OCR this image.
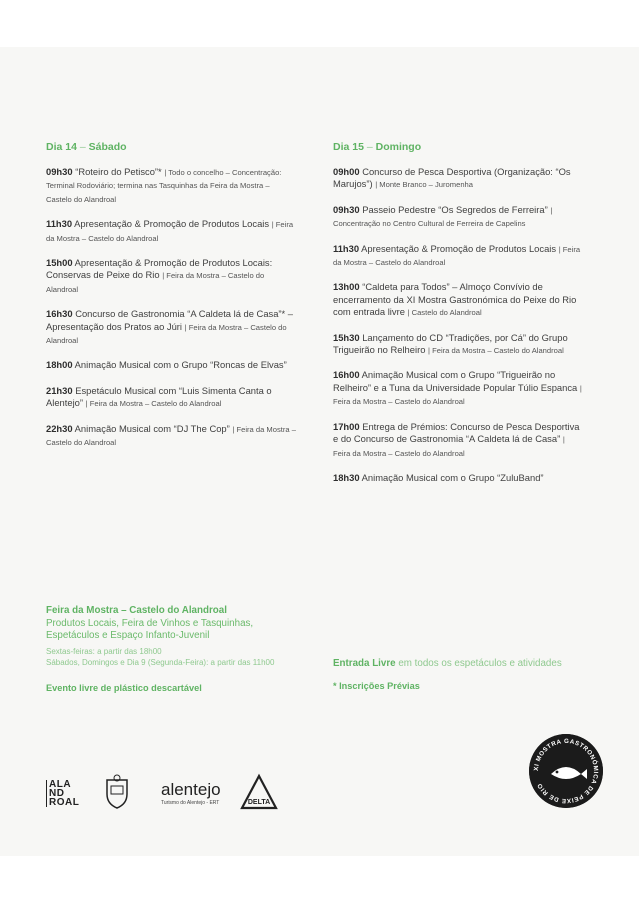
Dia 14 – Sábado
09h30 “Roteiro do Petisco”* | Todo o concelho – Concentração: Terminal Rodoviário; termina nas Tasquinhas da Feira da Mostra – Castelo do Alandroal
11h30 Apresentação & Promoção de Produtos Locais | Feira da Mostra – Castelo do Alandroal
15h00 Apresentação & Promoção de Produtos Locais: Conservas de Peixe do Rio | Feira da Mostra – Castelo do Alandroal
16h30 Concurso de Gastronomia “A Caldeta lá de Casa”* – Apresentação dos Pratos ao Júri | Feira da Mostra – Castelo do Alandroal
18h00 Animação Musical com o Grupo “Roncas de Elvas”
21h30 Espetáculo Musical com “Luis Simenta Canta o Alentejo” | Feira da Mostra – Castelo do Alandroal
22h30 Animação Musical com “DJ The Cop” | Feira da Mostra – Castelo do Alandroal
Dia 15 – Domingo
09h00 Concurso de Pesca Desportiva (Organização: “Os Marujos”) | Monte Branco – Juromenha
09h30 Passeio Pedestre “Os Segredos de Ferreira” | Concentração no Centro Cultural de Ferreira de Capelins
11h30 Apresentação & Promoção de Produtos Locais | Feira da Mostra – Castelo do Alandroal
13h00 “Caldeta para Todos” – Almoço Convívio de encerramento da XI Mostra Gastronómica do Peixe do Rio com entrada livre | Castelo do Alandroal
15h30 Lançamento do CD “Tradições, por Cá” do Grupo Trigueirão no Relheiro | Feira da Mostra – Castelo do Alandroal
16h00 Animação Musical com o Grupo “Trigueirão no Relheiro” e a Tuna da Universidade Popular Túlio Espanca | Feira da Mostra – Castelo do Alandroal
17h00 Entrega de Prémios: Concurso de Pesca Desportiva e do Concurso de Gastronomia “A Caldeta lá de Casa” | Feira da Mostra – Castelo do Alandroal
18h30 Animação Musical com o Grupo “ZuluBand”
Feira da Mostra – Castelo do Alandroal
Produtos Locais, Feira de Vinhos e Tasquinhas, Espetáculos e Espaço Infanto-Juvenil
Sextas-feiras: a partir das 18h00
Sábados, Domingos e Dia 9 (Segunda-Feira): a partir das 11h00
Evento livre de plástico descartável
Entrada Livre em todos os espetáculos e atividades
* Inscrições Prévias
ALA
ND
ROAL
alentejo
Turismo do Alentejo - ERT	DELTA
XI MOSTRA GASTRONÓMICA DE PEIXE DE RIO
